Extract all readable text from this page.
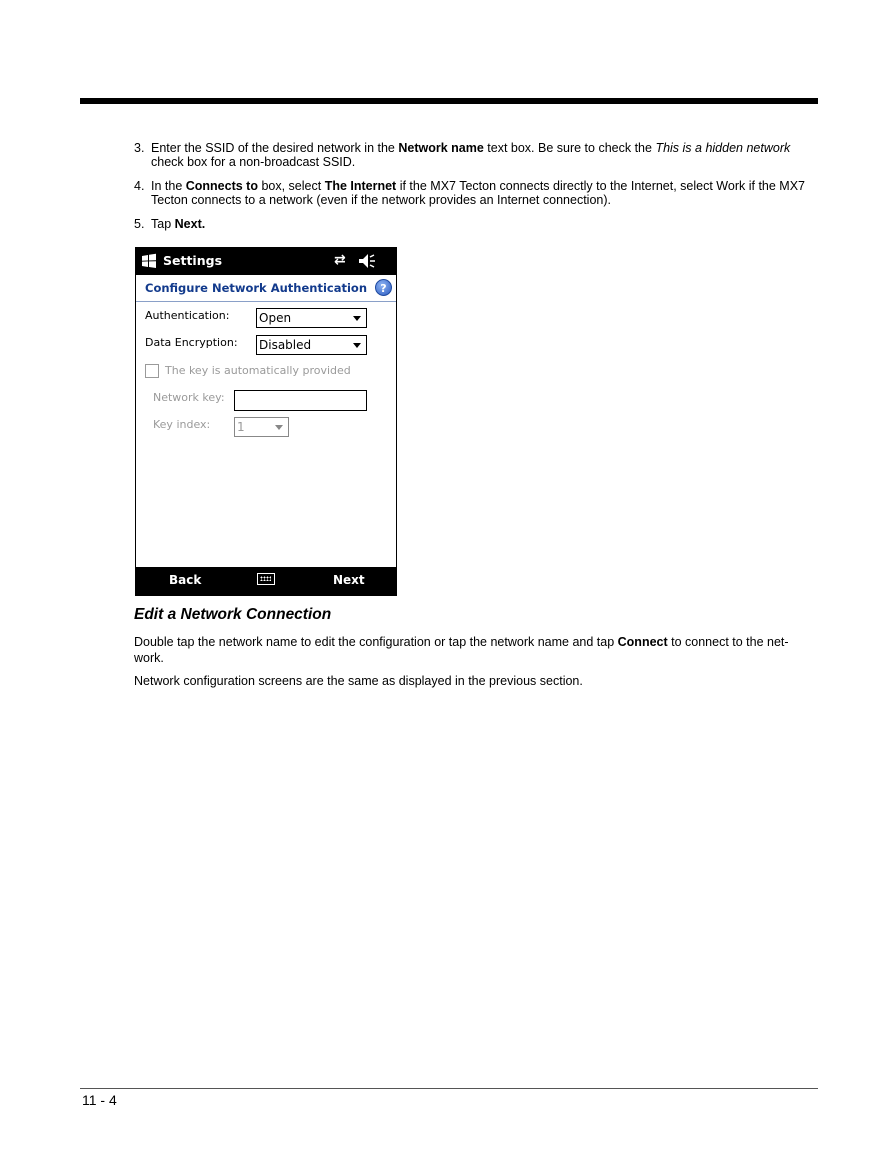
3. Enter the SSID of the desired network in the Network name text box. Be sure to check the This is a hidden network check box for a non-broadcast SSID.
4. In the Connects to box, select The Internet if the MX7 Tecton connects directly to the Internet, select Work if the MX7 Tecton connects to a network (even if the network provides an Internet connection).
5. Tap Next.
Settings	⇄
Configure Network Authentication	?
Authentication: Open
Data Encryption: Disabled
The key is automatically provided
Network key:
Key index: 1
Back	Next
Edit a Network Connection
Double tap the network name to edit the configuration or tap the network name and tap Connect to connect to the net-work.
Network configuration screens are the same as displayed in the previous section.
11 - 4
